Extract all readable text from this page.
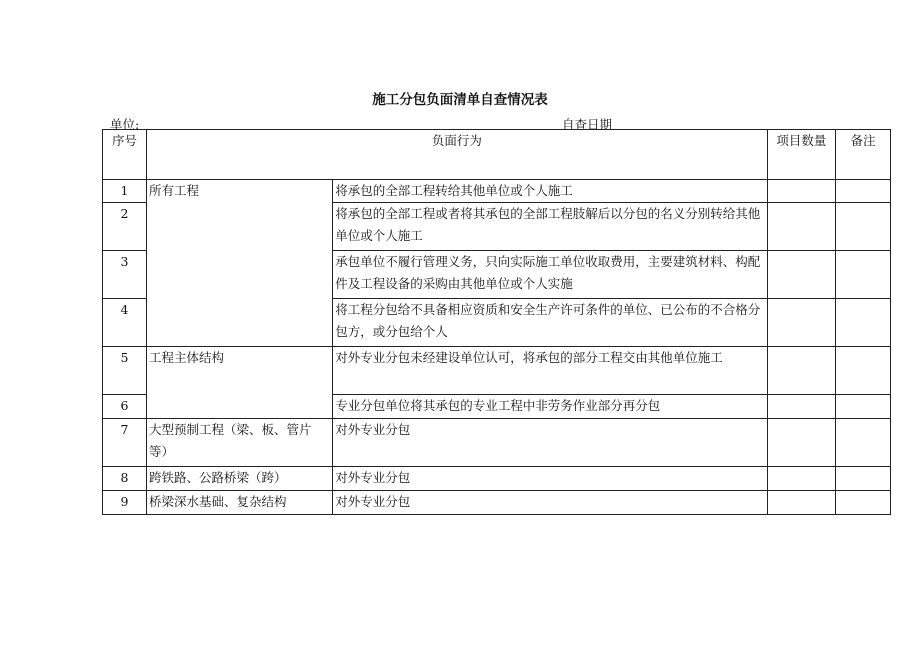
施工分包负面清单自查情况表
单位:	自查日期
序号	负面行为		项目数量	备注
1	所有工程	将承包的全部工程转给其他单位或个人施工		
2		将承包的全部工程或者将其承包的全部工程肢解后以分包的名义分别转给其他单位或个人施工		
3		承包单位不履行管理义务，只向实际施工单位收取费用，主要建筑材料、构配件及工程设备的采购由其他单位或个人实施		
4		将工程分包给不具备相应资质和安全生产许可条件的单位、已公布的不合格分包方，或分包给个人		
5	工程主体结构	对外专业分包未经建设单位认可，将承包的部分工程交由其他单位施工		
6		专业分包单位将其承包的专业工程中非劳务作业部分再分包		
7	大型预制工程（梁、板、管片等）	对外专业分包		
8	跨铁路、公路桥梁（跨）	对外专业分包		
9	桥梁深水基础、复杂结构	对外专业分包		
